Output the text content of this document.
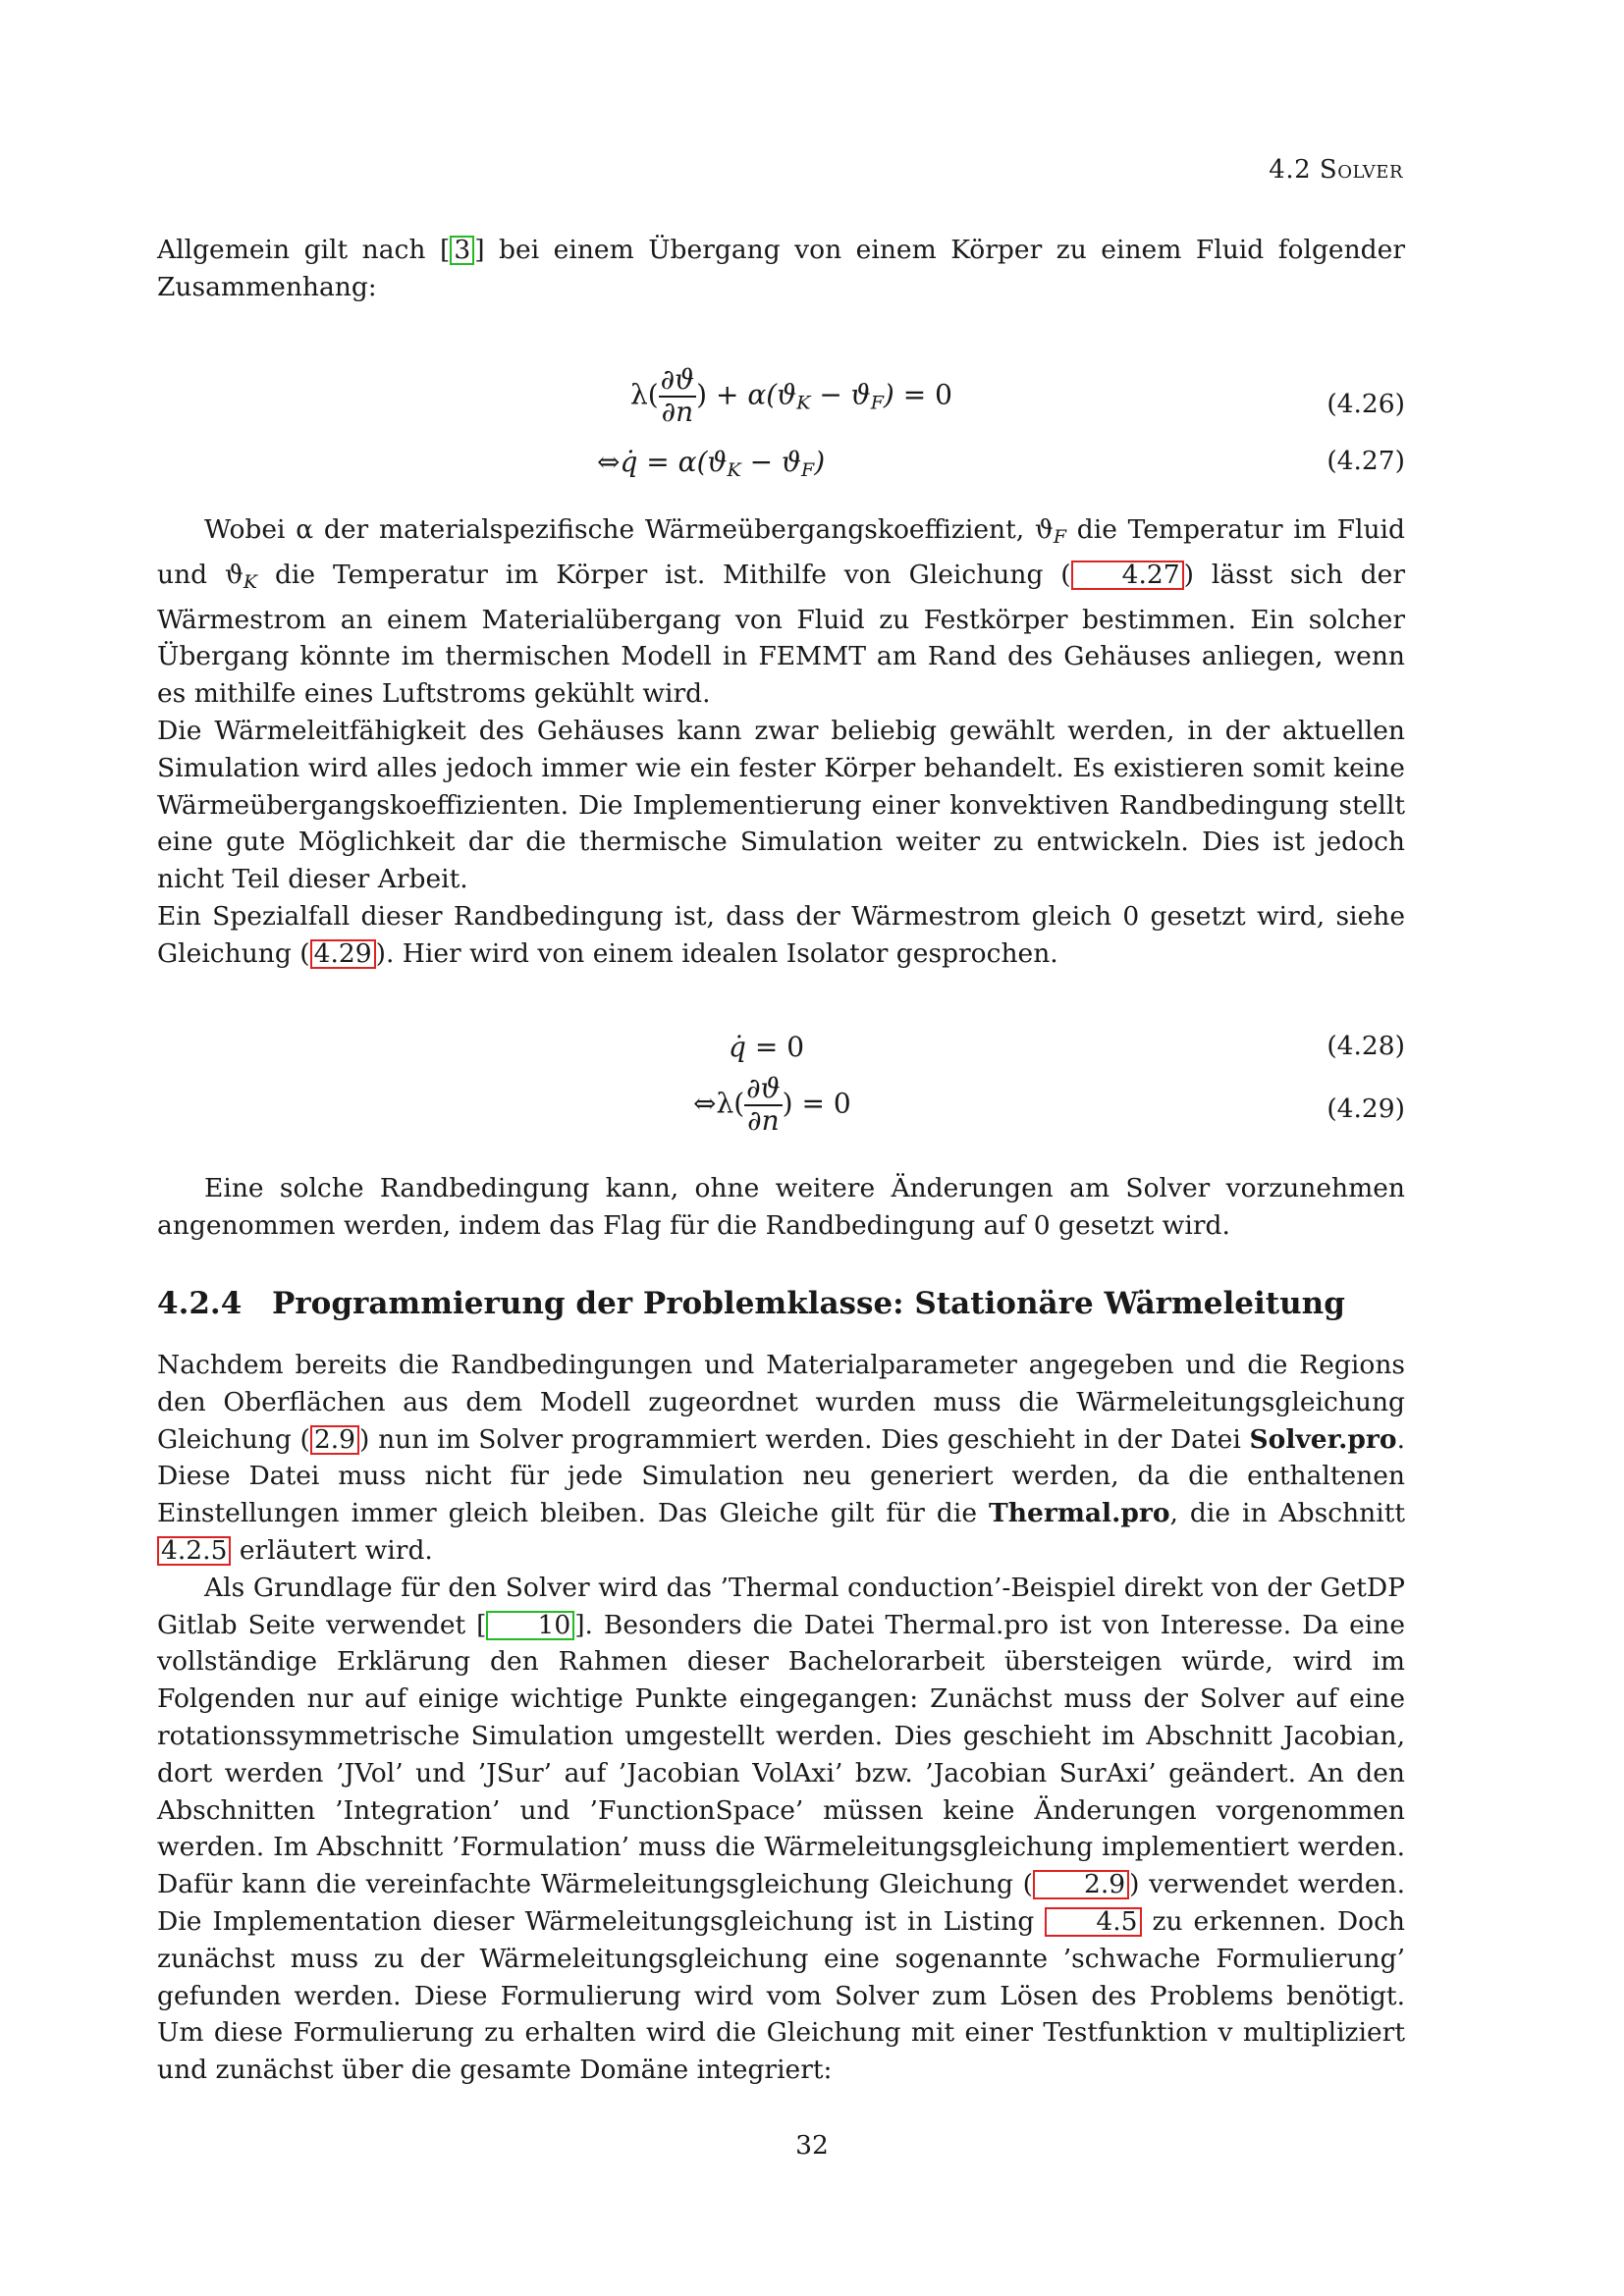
4.2 Solver

Allgemein gilt nach [ 3 ] bei einem Übergang von einem Körper zu einem Fluid folgender Zusammenhang:

$\lambda( \frac{\partial ϑ}{\partial n}$ ) + $\alpha(ϑ_K - ϑ_F) = 0$	(4.26)
⇔q̇ = $\alpha(ϑ_K - ϑ_F)$	(4.27)

Wobei α der materialspezifische Wärmeübergangskoeffizient, $ϑ_F$ die Temperatur im Fluid und $ϑ_K$ die Temperatur im Körper ist. Mithilfe von Gleichung ( 4.27 ) lässt sich der Wärmestrom an einem Materialübergang von Fluid zu Festkörper bestimmen. Ein solcher Übergang könnte im thermischen Modell in FEMMT am Rand des Gehäuses anliegen, wenn es mithilfe eines Luftstroms gekühlt wird.

Die Wärmeleitfähigkeit des Gehäuses kann zwar beliebig gewählt werden, in der aktuellen Simulation wird alles jedoch immer wie ein fester Körper behandelt. Es existieren somit keine Wärmeübergangskoeffizienten. Die Implementierung einer konvektiven Randbedingung stellt eine gute Möglichkeit dar die thermische Simulation weiter zu entwickeln. Dies ist jedoch nicht Teil dieser Arbeit.

Ein Spezialfall dieser Randbedingung ist, dass der Wärmestrom gleich 0 gesetzt wird, siehe Gleichung ( 4.29 ). Hier wird von einem idealen Isolator gesprochen.

q̇ = 0	(4.28)
⇔λ( $\frac{\partial ϑ}{\partial n}$ ) = 0	(4.29)

Eine solche Randbedingung kann, ohne weitere Änderungen am Solver vorzunehmen angenommen werden, indem das Flag für die Randbedingung auf 0 gesetzt wird.

4.2.4 Programmierung der Problemklasse: Stationäre Wärmeleitung

Nachdem bereits die Randbedingungen und Materialparameter angegeben und die Regions den Oberflächen aus dem Modell zugeordnet wurden muss die Wärmeleitungsgleichung Gleichung ( 2.9 ) nun im Solver programmiert werden. Dies geschieht in der Datei Solver.pro. Diese Datei muss nicht für jede Simulation neu generiert werden, da die enthaltenen Einstellungen immer gleich bleiben. Das Gleiche gilt für die Thermal.pro, die in Abschnitt 4.2.5 erläutert wird.

Als Grundlage für den Solver wird das ’Thermal conduction’-Beispiel direkt von der GetDP Gitlab Seite verwendet [ 10 ]. Besonders die Datei Thermal.pro ist von Interesse. Da eine vollständige Erklärung den Rahmen dieser Bachelorarbeit übersteigen würde, wird im Folgenden nur auf einige wichtige Punkte eingegangen: Zunächst muss der Solver auf eine rotationssymmetrische Simulation umgestellt werden. Dies geschieht im Abschnitt Jacobian, dort werden ’JVol’ und ’JSur’ auf ’Jacobian VolAxi’ bzw. ’Jacobian SurAxi’ geändert. An den Abschnitten ’Integration’ und ’FunctionSpace’ müssen keine Änderungen vorgenommen werden. Im Abschnitt ’Formulation’ muss die Wärmeleitungsgleichung implementiert werden. Dafür kann die vereinfachte Wärmeleitungsgleichung Gleichung ( 2.9 ) verwendet werden. Die Implementation dieser Wärmeleitungsgleichung ist in Listing 4.5 zu erkennen. Doch zunächst muss zu der Wärmeleitungsgleichung eine sogenannte ’schwache Formulierung’ gefunden werden. Diese Formulierung wird vom Solver zum Lösen des Problems benötigt. Um diese Formulierung zu erhalten wird die Gleichung mit einer Testfunktion v multipliziert und zunächst über die gesamte Domäne integriert:

32
